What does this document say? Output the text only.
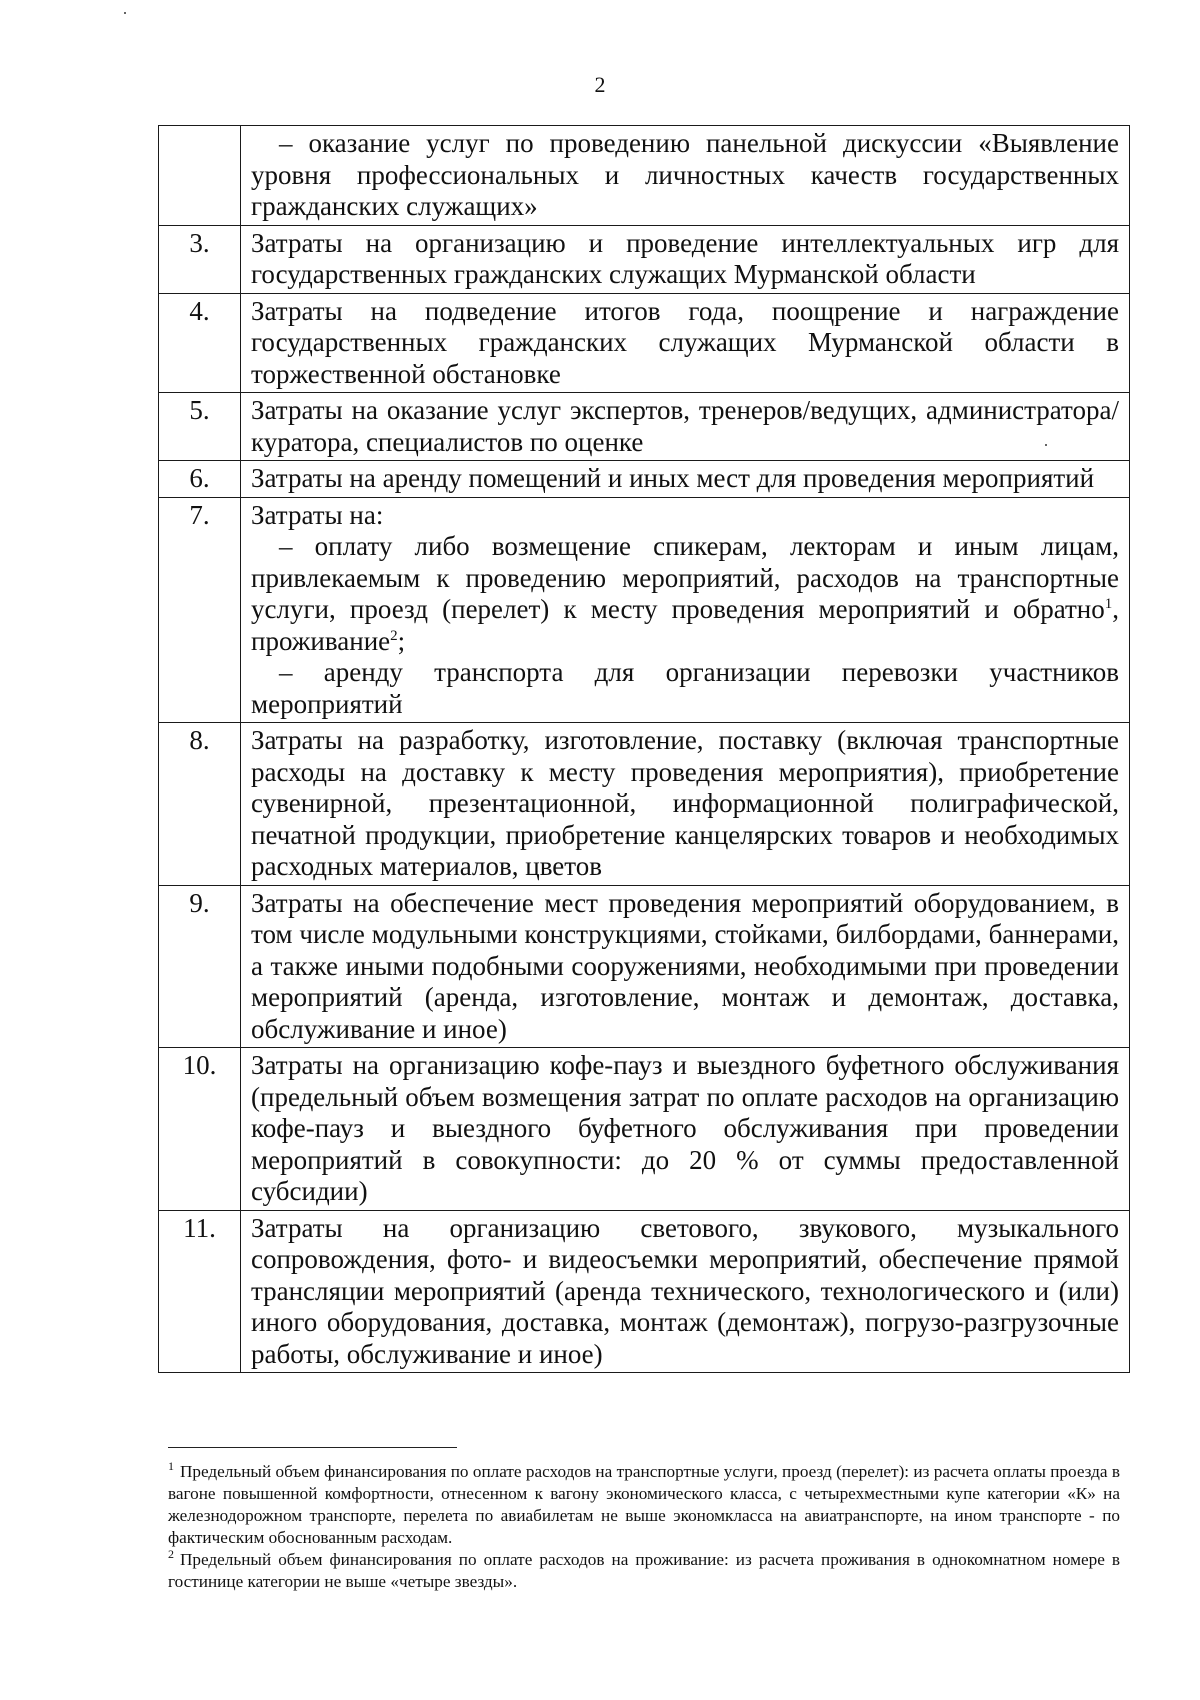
2

	– оказание услуг по проведению панельной дискуссии «Выявление уровня профессиональных и личностных качеств государственных гражданских служащих»

3.	Затраты на организацию и проведение интеллектуальных игр для государственных гражданских служащих Мурманской области

4.	Затраты на подведение итогов года, поощрение и награждение государственных гражданских служащих Мурманской области в торжественной обстановке

5.	Затраты на оказание услуг экспертов, тренеров/ведущих, администратора/куратора, специалистов по оценке

6.	Затраты на аренду помещений и иных мест для проведения мероприятий

7.	Затраты на:

– оплату либо возмещение спикерам, лекторам и иным лицам, привлекаемым к проведению мероприятий, расходов на транспортные услуги, проезд (перелет) к месту проведения мероприятий и обратно$^1$, проживание$^2$;

– аренду транспорта для организации перевозки участников мероприятий

8.	Затраты на разработку, изготовление, поставку (включая транспортные расходы на доставку к месту проведения мероприятия), приобретение сувенирной, презентационной, информационной полиграфической, печатной продукции, приобретение канцелярских товаров и необходимых расходных материалов, цветов

9.	Затраты на обеспечение мест проведения мероприятий оборудованием, в том числе модульными конструкциями, стойками, билбордами, баннерами, а также иными подобными сооружениями, необходимыми при проведении мероприятий (аренда, изготовление, монтаж и демонтаж, доставка, обслуживание и иное)

10.	Затраты на организацию кофе-пауз и выездного буфетного обслуживания (предельный объем возмещения затрат по оплате расходов на организацию кофе-пауз и выездного буфетного обслуживания при проведении мероприятий в совокупности: до 20 % от суммы предоставленной субсидии)

11.	Затраты на организацию светового, звукового, музыкального сопровождения, фото- и видеосъемки мероприятий, обеспечение прямой трансляции мероприятий (аренда технического, технологического и (или) иного оборудования, доставка, монтаж (демонтаж), погрузо-разгрузочные работы, обслуживание и иное)

$^1$ Предельный объем финансирования по оплате расходов на транспортные услуги, проезд (перелет): из расчета оплаты проезда в вагоне повышенной комфортности, отнесенном к вагону экономического класса, с четырехместными купе категории «К» на железнодорожном транспорте, перелета по авиабилетам не выше экономкласса на авиатранспорте, на ином транспорте - по фактическим обоснованным расходам.

$^2$ Предельный объем финансирования по оплате расходов на проживание: из расчета проживания в однокомнатном номере в гостинице категории не выше «четыре звезды».
